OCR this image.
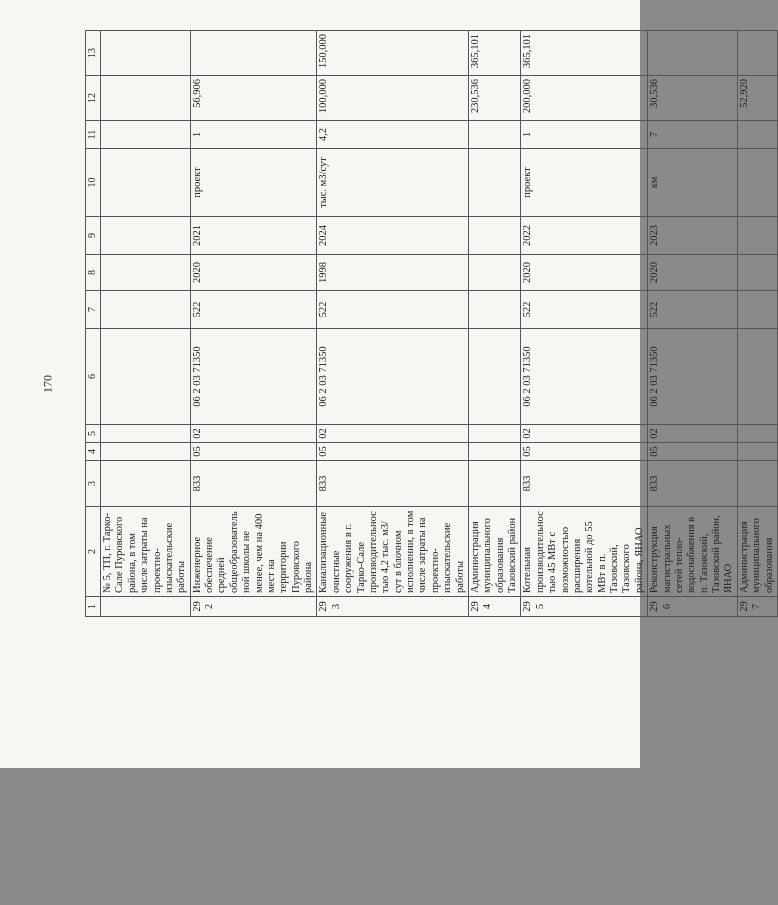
170
1	2	3	4	5	6	7	8	9	10	11	12	13
	№ 5, ТП, г. Тарко-Сале Пуровского района, в том числе затраты на проектно-изыскательские работы											
292	Инженерное обеспечение средней общеобразовательной школы не менее, чем на 400 мест на территории Пуровского района	833	05	02	06 2 03 71350	522	2020	2021	проект	1	56,906	
293	Канализационные очистные сооружения в г. Тарко-Сале производительностью 4,2 тыс. м3/сут в блочном исполнении, в том числе затраты на проектно-изыскательские работы	833	05	02	06 2 03 71350	522	1998	2024	тыс. м3/сут	4,2	100,000	150,000
294	Администрация муниципального образования Тазовский район										230,536	365,101
295	Котельная производительностью 45 МВт с возможностью расширения котельной до 55 МВт в п. Тазовский, Тазовского района, ЯНАО	833	05	02	06 2 03 71350	522	2020	2022	проект	1	200,000	365,101
296	Реконструкция магистральных сетей тепло-водоснабжения в п. Тазовский, Тазовский район, ЯНАО	833	05	02	06 2 03 71350	522	2020	2023	км	7	30,536	
297	Администрация муниципального образования										52,920	
